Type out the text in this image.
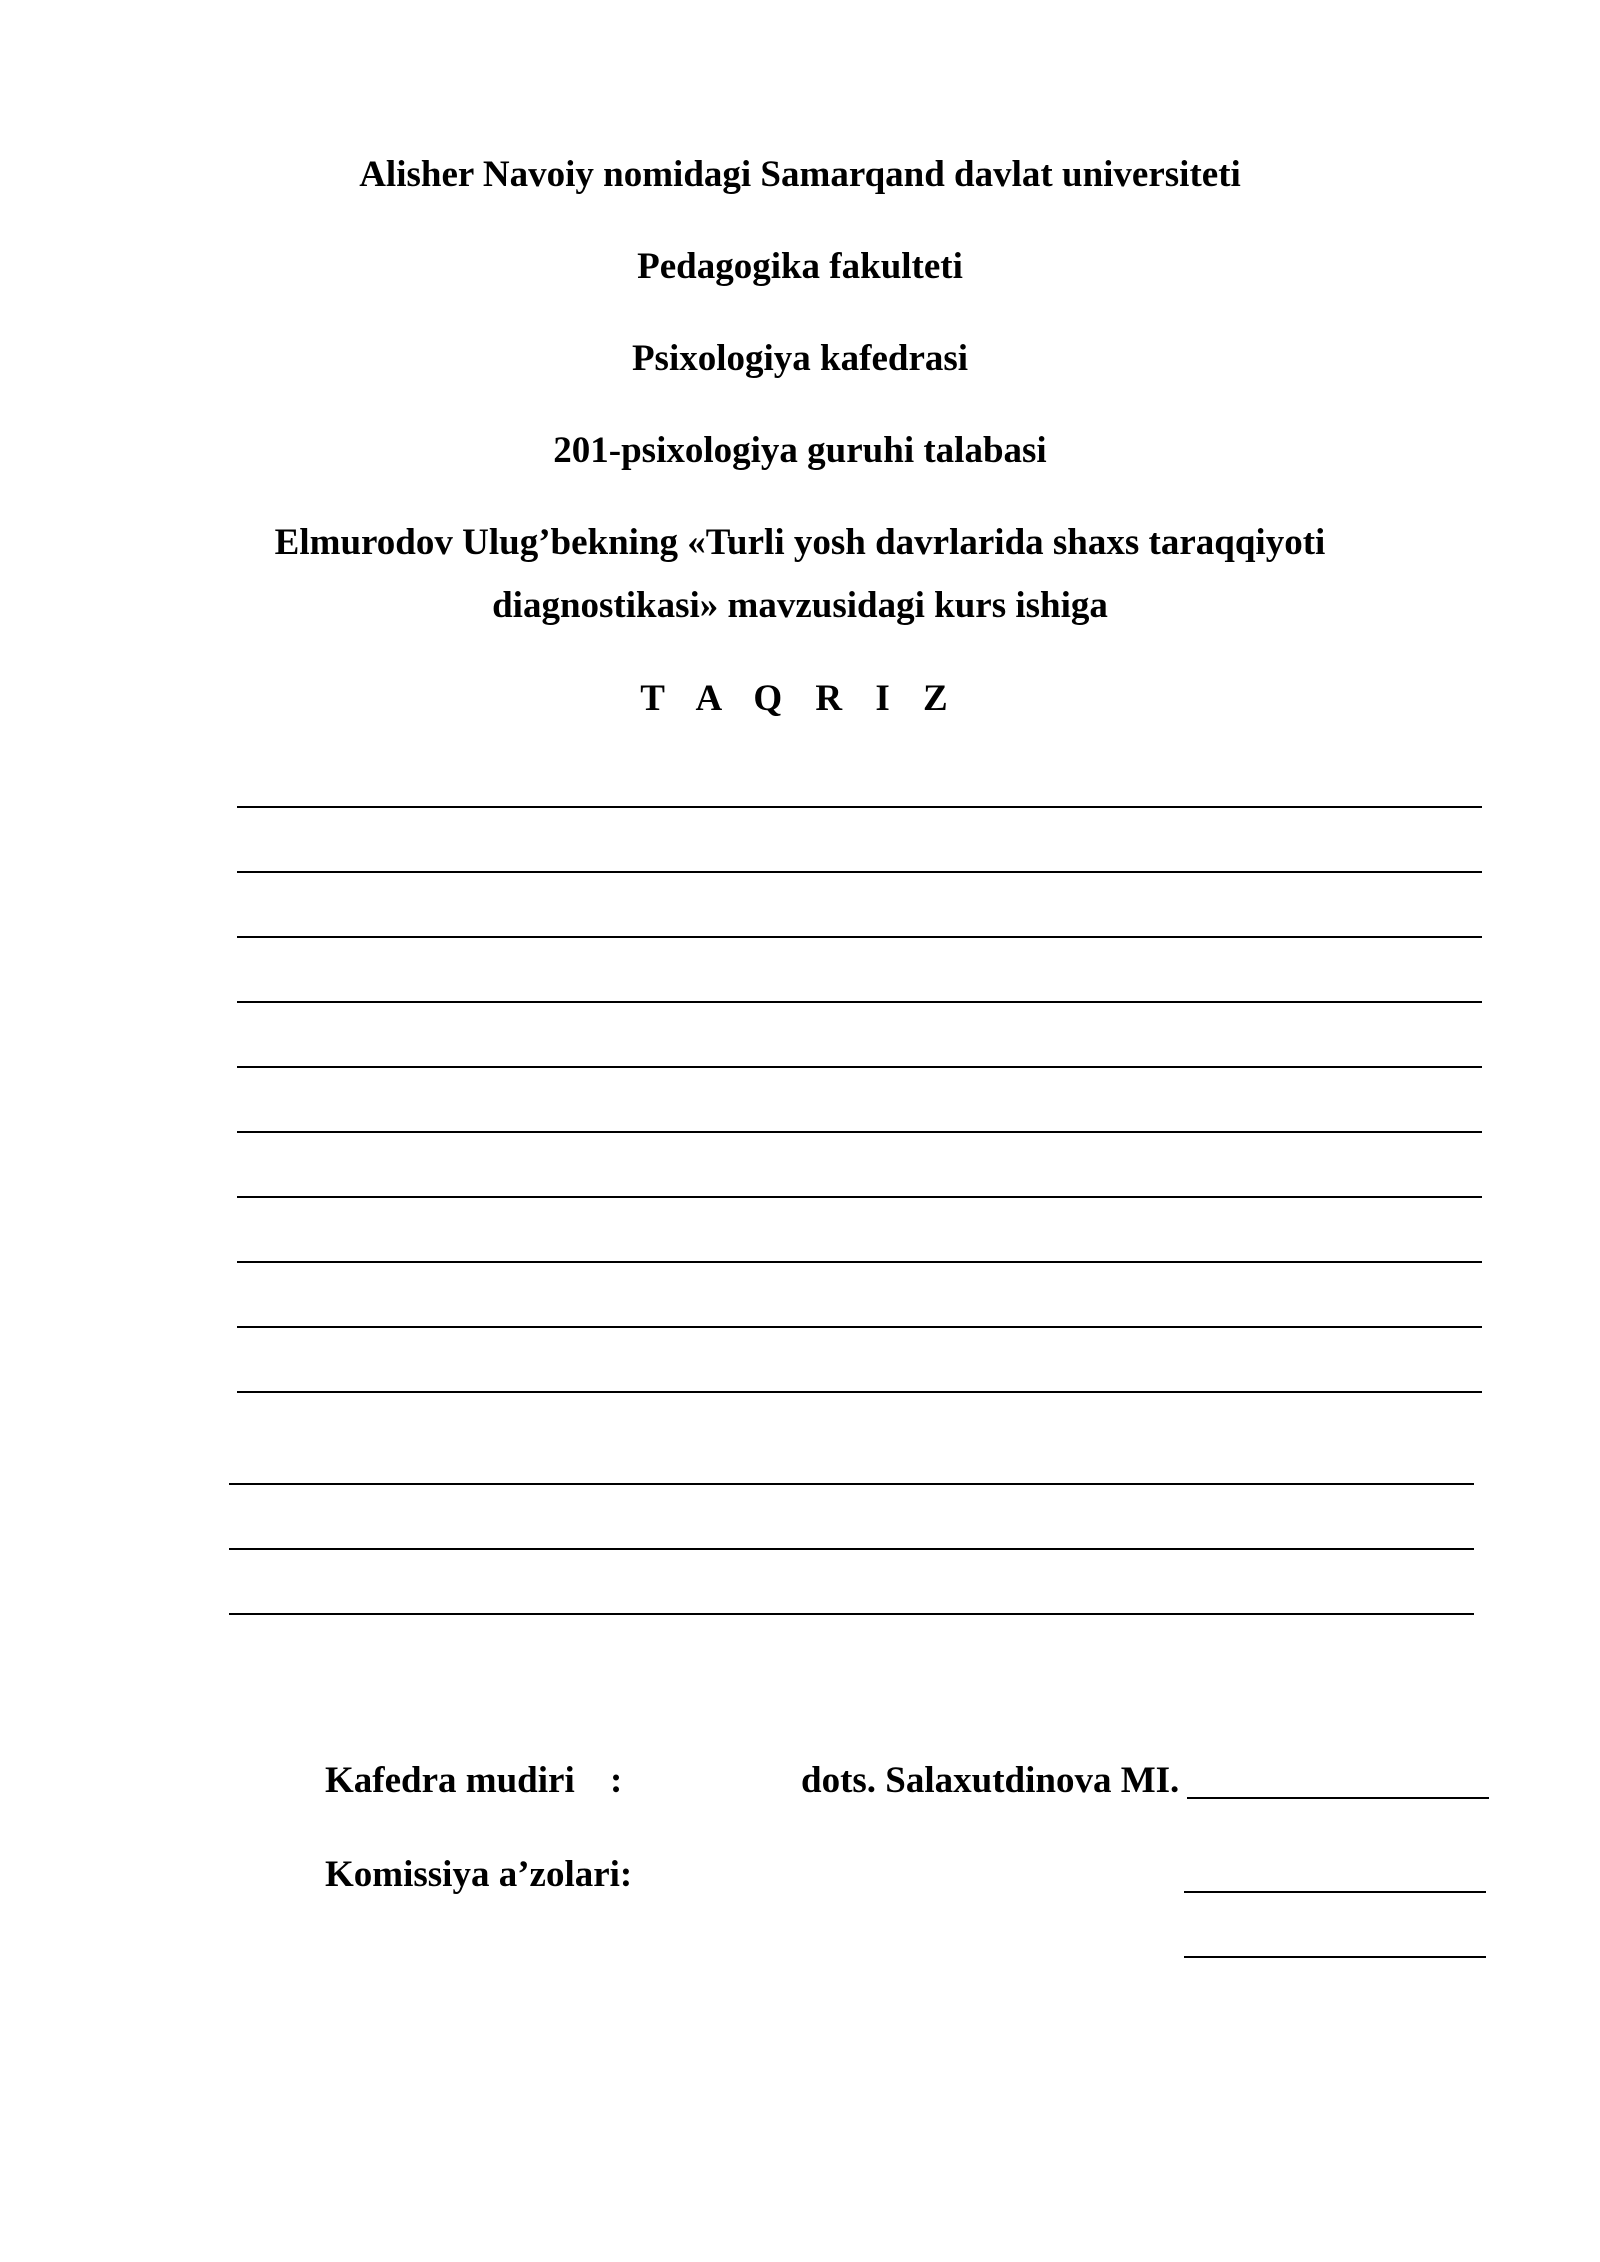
Alisher Navoiy nomidagi Samarqand davlat universiteti
Pedagogika fakulteti
Psixologiya kafedrasi
201-psixologiya guruhi talabasi
Elmurodov Ulug’bekning «Turli yosh davrlarida shaxs taraqqiyoti
diagnostikasi» mavzusidagi kurs ishiga
T A Q R I Z
Kafedra mudiri :	dots. Salaxutdinova MI.
Komissiya a’zolari:
